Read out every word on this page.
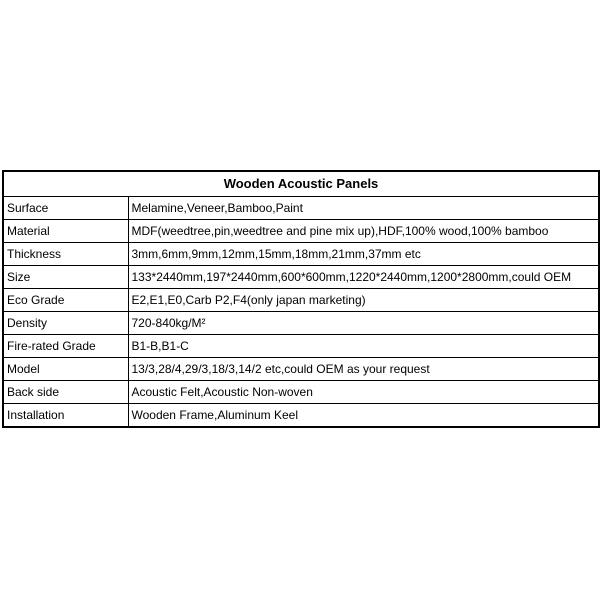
Wooden Acoustic Panels	
Surface	Melamine,Veneer,Bamboo,Paint
Material	MDF(weedtree,pin,weedtree and pine mix up),HDF,100% wood,100% bamboo
Thickness	3mm,6mm,9mm,12mm,15mm,18mm,21mm,37mm etc
Size	133*2440mm,197*2440mm,600*600mm,1220*2440mm,1200*2800mm,could OEM
Eco Grade	E2,E1,E0,Carb P2,F4(only japan marketing)
Density	720-840kg/M²
Fire-rated Grade	B1-B,B1-C
Model	13/3,28/4,29/3,18/3,14/2 etc,could OEM as your request
Back side	Acoustic Felt,Acoustic Non-woven
Installation	Wooden Frame,Aluminum Keel
